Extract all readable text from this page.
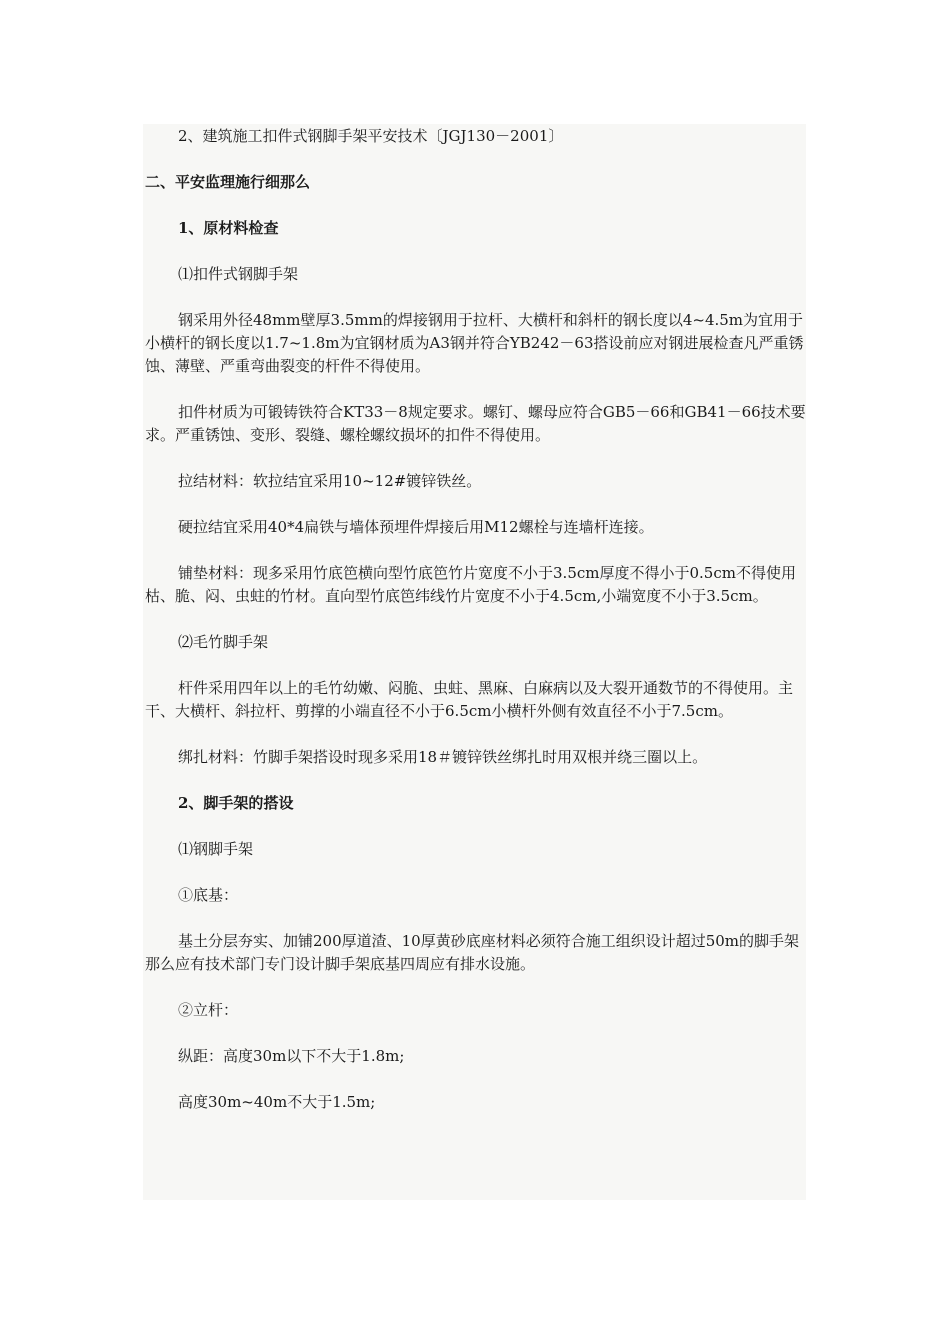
2、建筑施工扣件式钢脚手架平安技术〔JGJ130－2001〕

二、平安监理施行细那么

1、原材料检查

⑴扣件式钢脚手架

钢采用外径48mm壁厚3.5mm的焊接钢用于拉杆、大横杆和斜杆的钢长度以4~4.5m为宜用于小横杆的钢长度以1.7~1.8m为宜钢材质为A3钢并符合YB242－63搭设前应对钢进展检查凡严重锈蚀、薄壁、严重弯曲裂变的杆件不得使用。

扣件材质为可锻铸铁符合KT33－8规定要求。螺钉、螺母应符合GB5－66和GB41－66技术要求。严重锈蚀、变形、裂缝、螺栓螺纹损坏的扣件不得使用。

拉结材料：软拉结宜采用10~12#镀锌铁丝。

硬拉结宜采用40*4扁铁与墙体预埋件焊接后用M12螺栓与连墙杆连接。

铺垫材料：现多采用竹底笆横向型竹底笆竹片宽度不小于3.5cm厚度不得小于0.5cm不得使用枯、脆、闷、虫蛀的竹材。直向型竹底笆纬线竹片宽度不小于4.5cm,小端宽度不小于3.5cm。

⑵毛竹脚手架

杆件采用四年以上的毛竹幼嫩、闷脆、虫蛀、黑麻、白麻病以及大裂开通数节的不得使用。主干、大横杆、斜拉杆、剪撑的小端直径不小于6.5cm小横杆外侧有效直径不小于7.5cm。

绑扎材料：竹脚手架搭设时现多采用18＃镀锌铁丝绑扎时用双根并绕三圈以上。

2、脚手架的搭设

⑴钢脚手架

①底基：

基土分层夯实、加铺200厚道渣、10厚黄砂底座材料必须符合施工组织设计超过50m的脚手架那么应有技术部门专门设计脚手架底基四周应有排水设施。

②立杆：

纵距：高度30m以下不大于1.8m;

高度30m~40m不大于1.5m;
